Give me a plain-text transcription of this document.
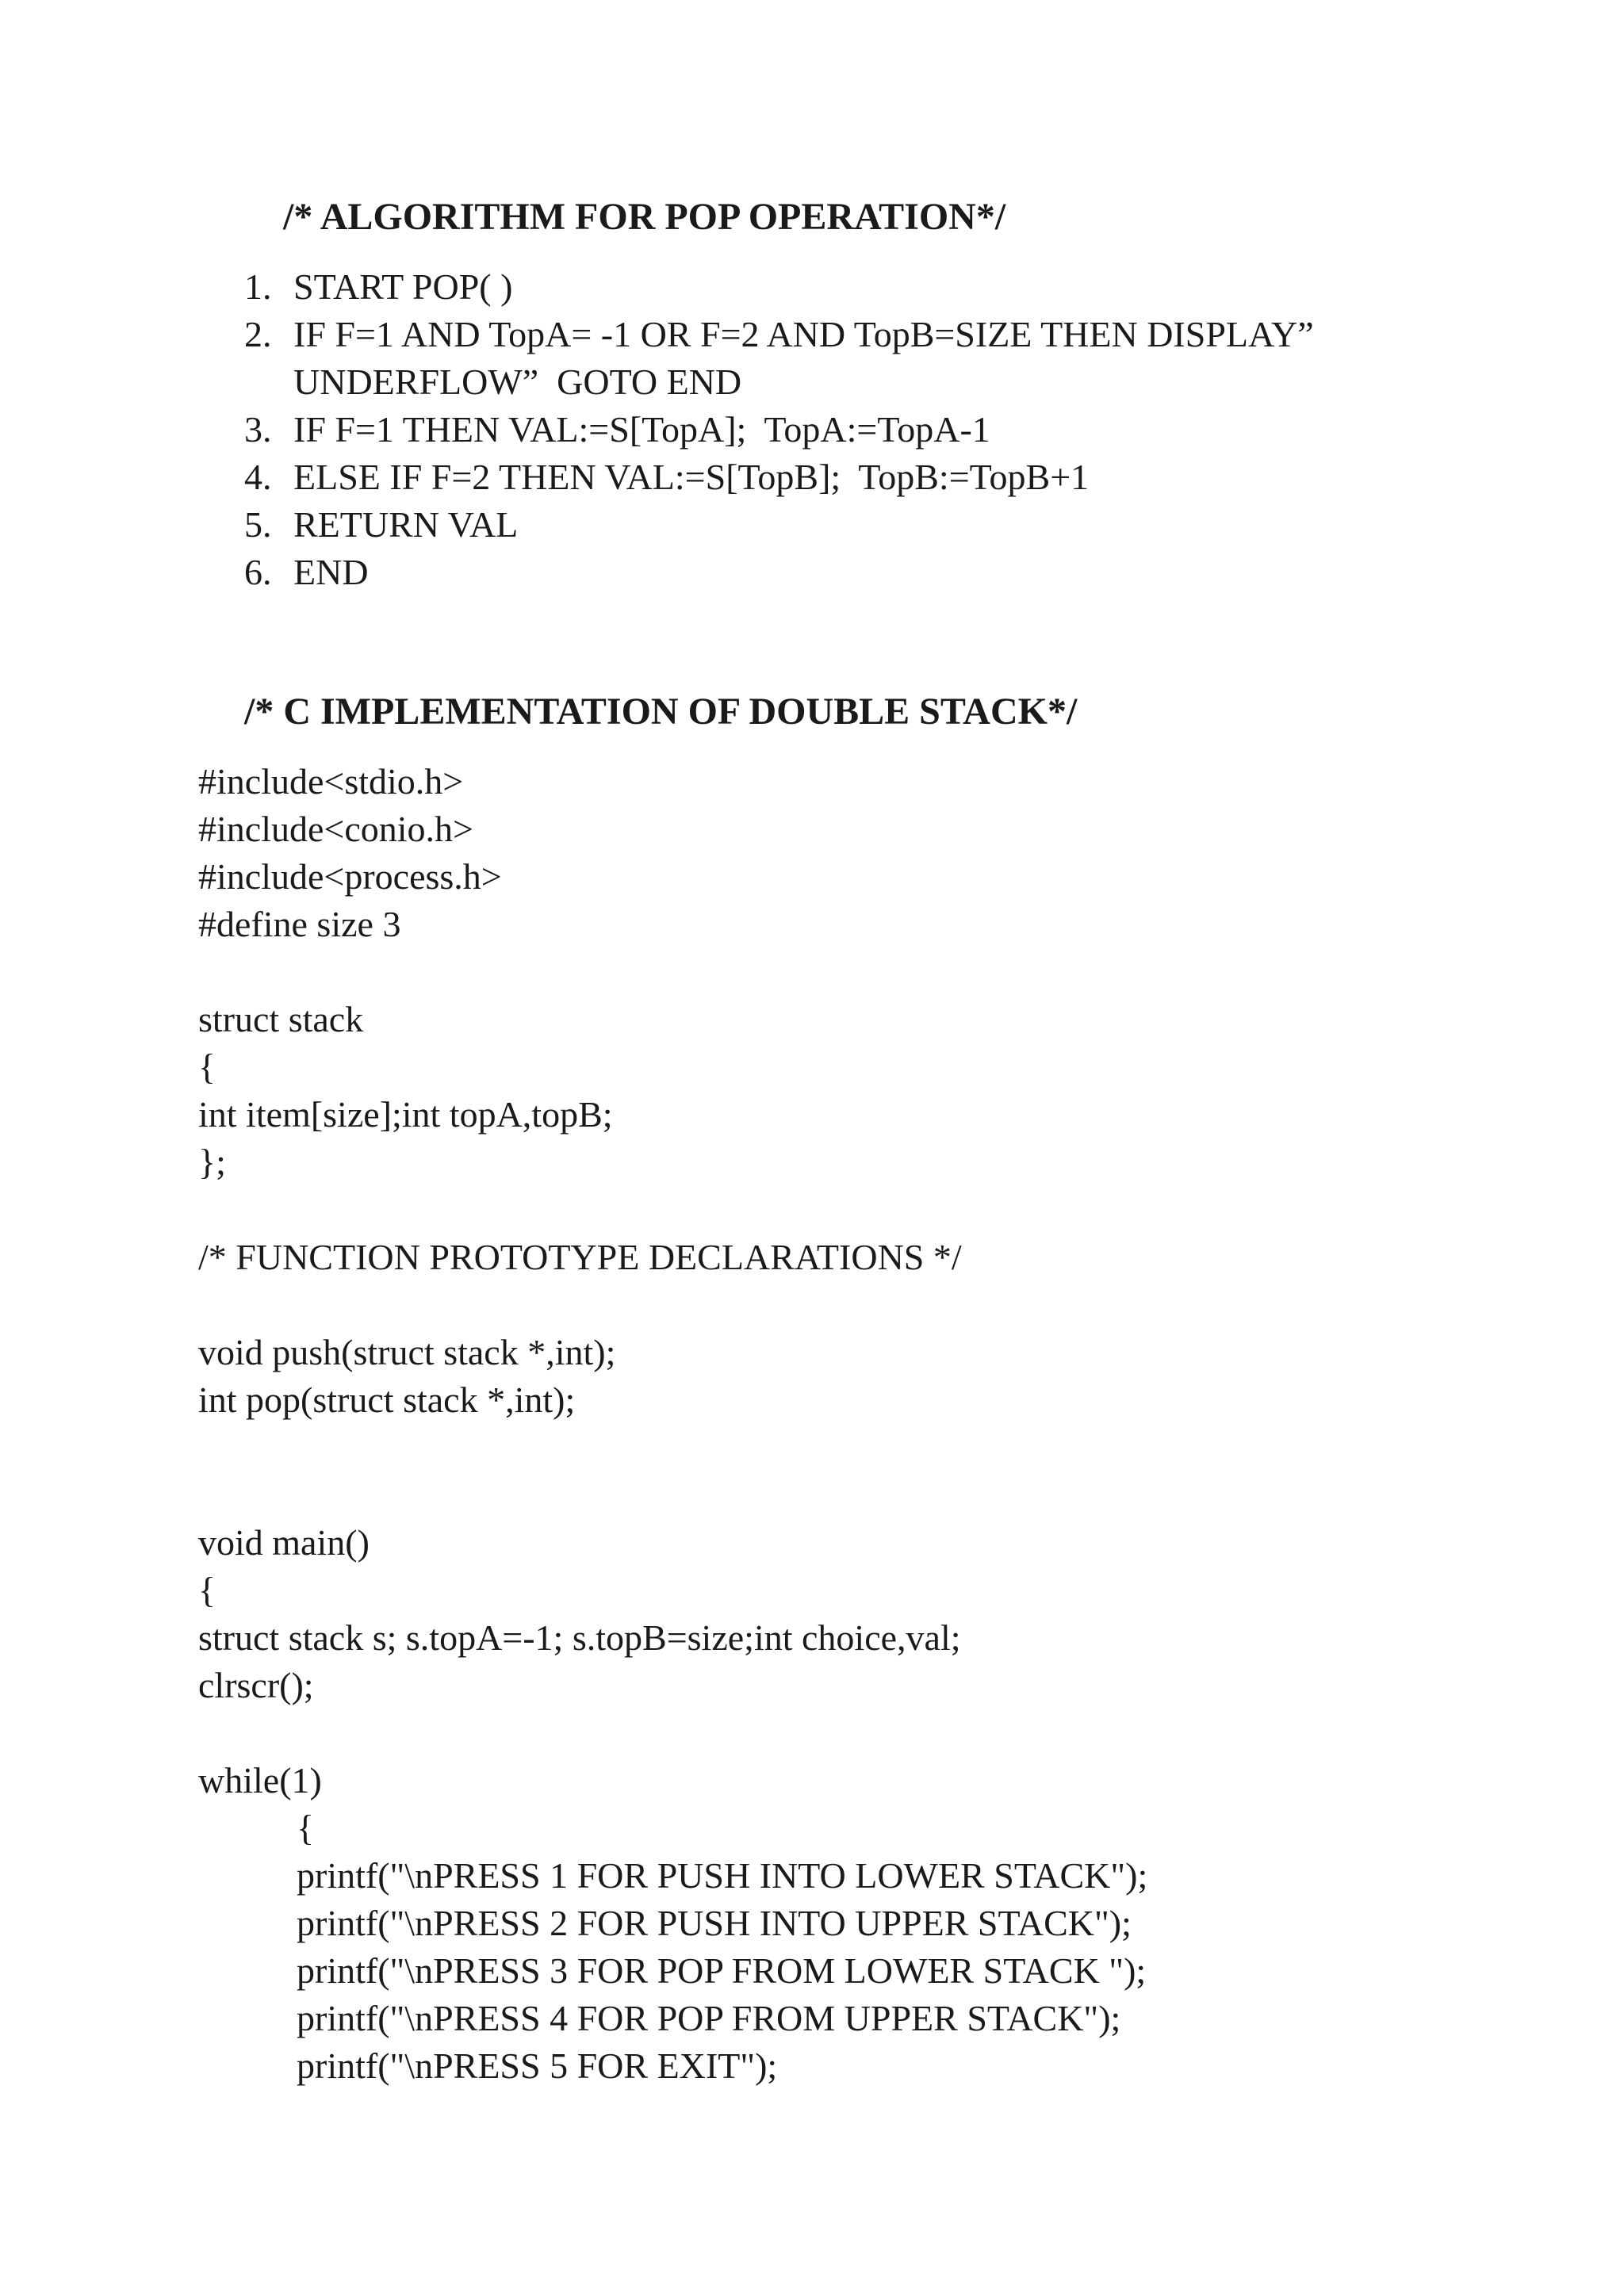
/* ALGORITHM FOR POP OPERATION*/
1. START POP( )
2. IF F=1 AND TopA= -1 OR F=2 AND TopB=SIZE THEN DISPLAY”
UNDERFLOW”  GOTO END
3. IF F=1 THEN VAL:=S[TopA];  TopA:=TopA-1
4. ELSE IF F=2 THEN VAL:=S[TopB];  TopB:=TopB+1
5. RETURN VAL
6. END
/* C IMPLEMENTATION OF DOUBLE STACK*/
#include<stdio.h>
#include<conio.h>
#include<process.h>
#define size 3
struct stack
{
int item[size];int topA,topB;
};
/* FUNCTION PROTOTYPE DECLARATIONS */
void push(struct stack *,int);
int pop(struct stack *,int);
void main()
{
struct stack s; s.topA=-1; s.topB=size;int choice,val;
clrscr();
while(1)
{
printf("\nPRESS 1 FOR PUSH INTO LOWER STACK");
printf("\nPRESS 2 FOR PUSH INTO UPPER STACK");
printf("\nPRESS 3 FOR POP FROM LOWER STACK ");
printf("\nPRESS 4 FOR POP FROM UPPER STACK");
printf("\nPRESS 5 FOR EXIT");
